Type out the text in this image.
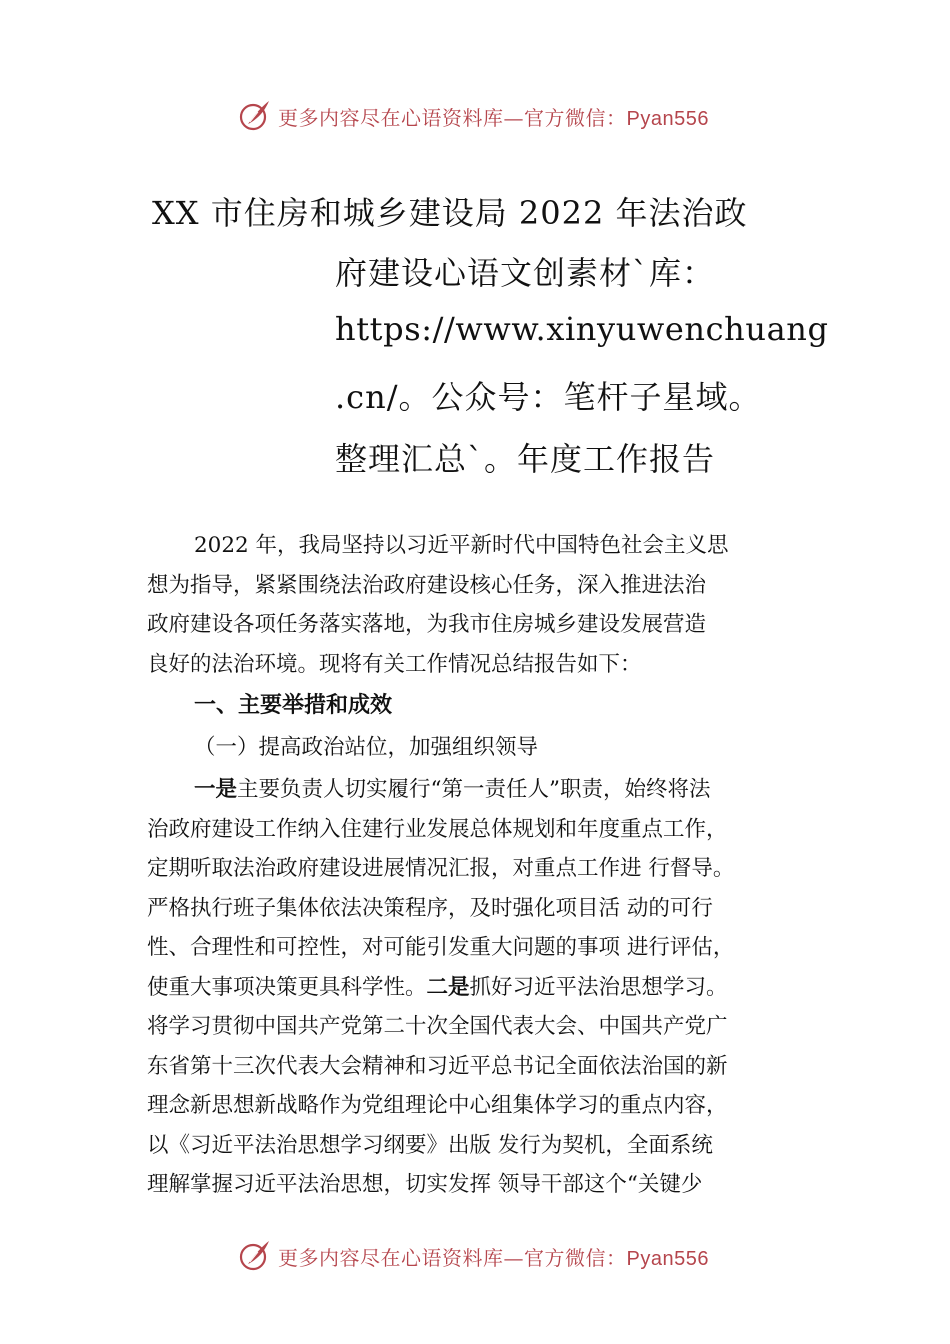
更多内容尽在心语资料库—官方微信：Pyan556
XX 市住房和城乡建设局 2022 年法治政
府建设心语文创素材`库：
https://www.xinyuwenchuang
.cn/。公众号：笔杆子星域。
整理汇总`。年度工作报告
2022 年，我局坚持以习近平新时代中国特色社会主义思
想为指导，紧紧围绕法治政府建设核心任务，深入推进法治
政府建设各项任务落实落地，为我市住房城乡建设发展营造
良好的法治环境。现将有关工作情况总结报告如下：
一、主要举措和成效
（一）提高政治站位，加强组织领导
一是主要负责人切实履行“第一责任人”职责，始终将法
治政府建设工作纳入住建行业发展总体规划和年度重点工作，
定期听取法治政府建设进展情况汇报，对重点工作进 行督导。
严格执行班子集体依法决策程序，及时强化项目活 动的可行
性、合理性和可控性，对可能引发重大问题的事项 进行评估，
使重大事项决策更具科学性。二是抓好习近平法治思想学习。
将学习贯彻中国共产党第二十次全国代表大会、中国共产党广
东省第十三次代表大会精神和习近平总书记全面依法治国的新
理念新思想新战略作为党组理论中心组集体学习的重点内容，
以《习近平法治思想学习纲要》出版 发行为契机，全面系统
理解掌握习近平法治思想，切实发挥 领导干部这个“关键少
更多内容尽在心语资料库—官方微信：Pyan556
